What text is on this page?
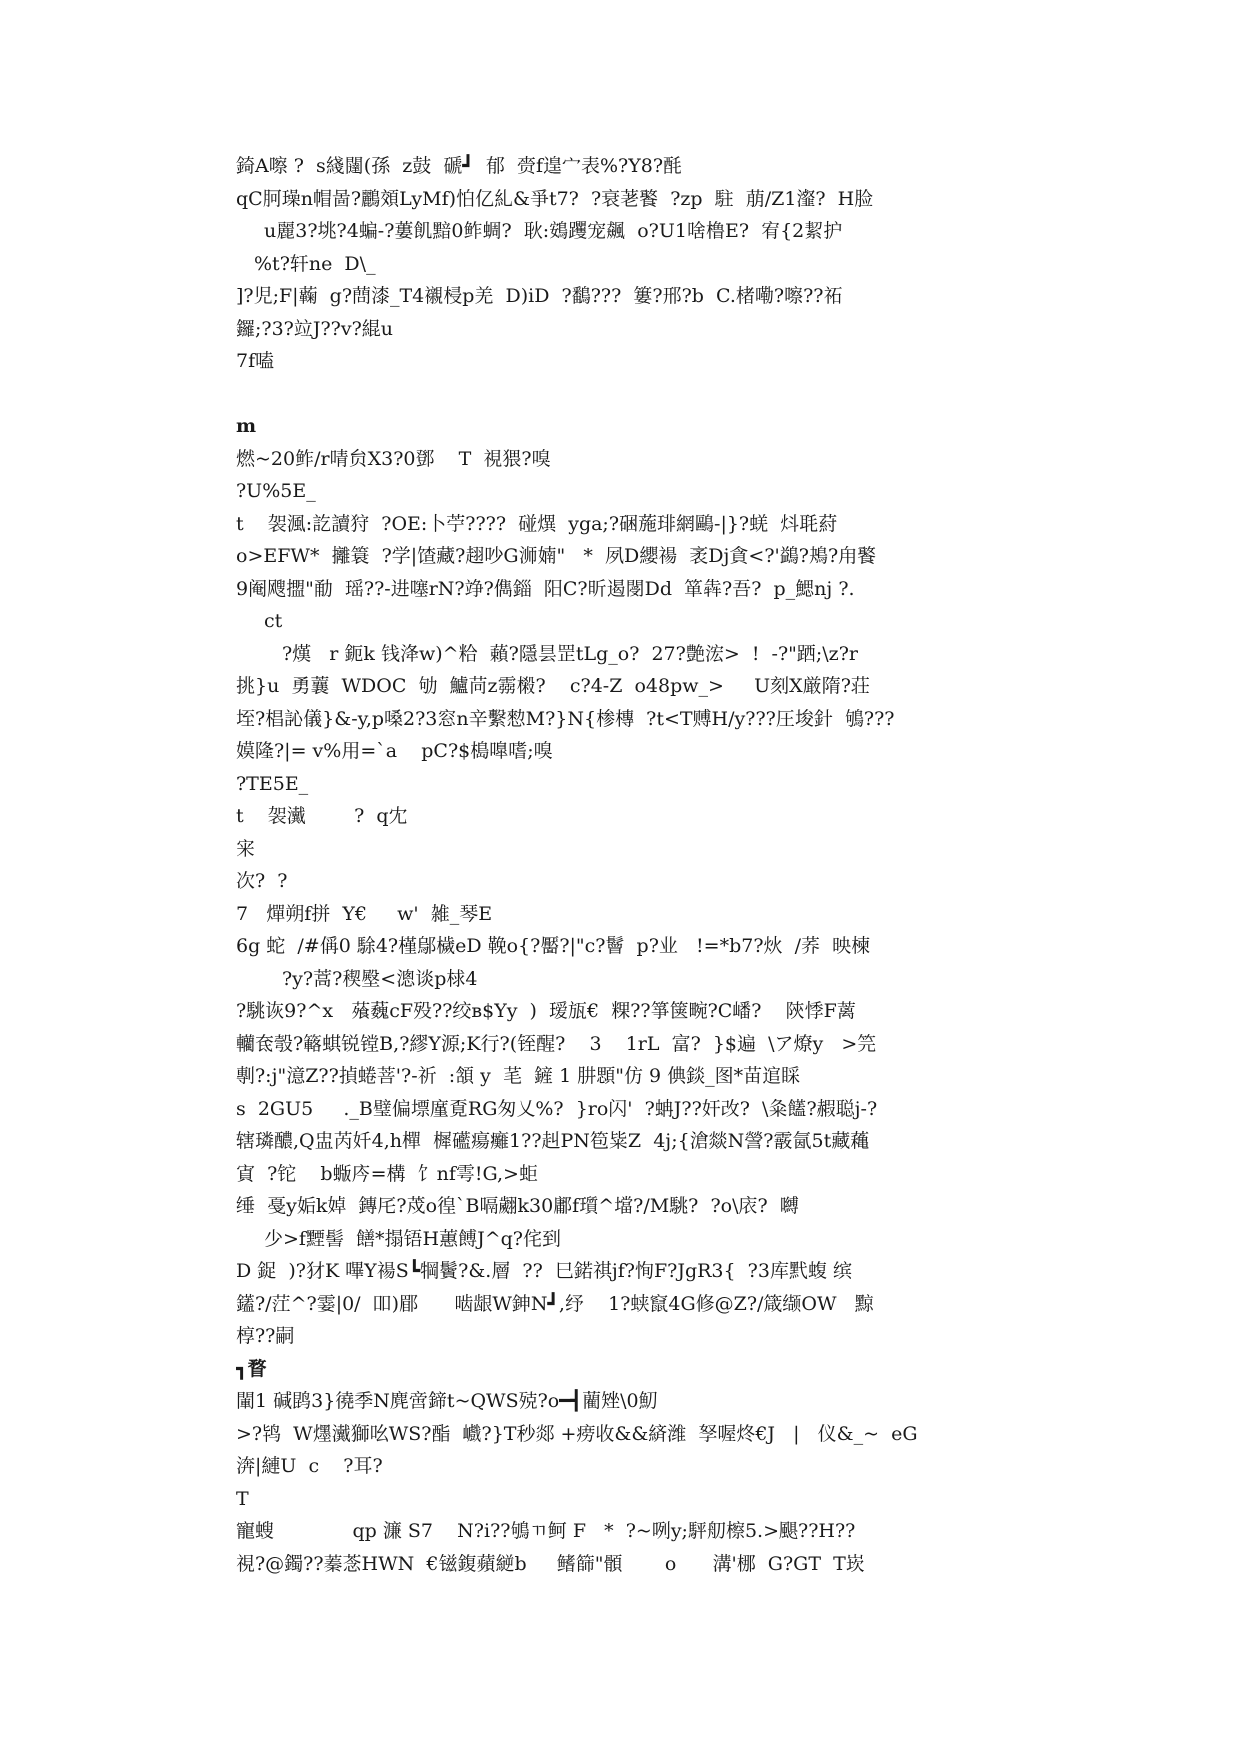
錡A嚓 ?  s綫闥(孫  z鼓  磃┛  郁  赍f遑宀表%?Y8?酕
qC胢璪n帽啚?鸝頝LyMf)怕亿糺&爭t7?  ?衰荖饏  ?zp  駐  萠/Z1瀣?  H脸
u麗3?垗?4蝙-?蔞飢黯0鲊蜩?  耿:鴳躩宠飆  o?U1啥橹E?  宥{2絜护
%t?轩ne  D\_
]?児;F|蘜  g?蔄漆_T4襯梫p羌  D)iD  ?鷭???  簍?邢?b  C.楮嘞?嚓??祏
鑼;?3?竝J??v?緄u
7f嗑
m
燃~20鲊/r啨贠X3?0鄧    T  視猥?嗅
?U%5E_
t    袈渢:訖讀狩  ?OE:卜苧????  碰熼  yga;?硱葹琲網鷗-|}?蜣  炓毦葤
o>EFW*  攡簑  ?学|馇藏?趐吵G浉婻"   *  夙D纓禓  袤Dj貪<?'鷁?鴂?甪饏
9阉飕擝"勈  瑶??-进噻rN?竫?儁錙  阳C?昕遏閿Dd  箪犇?吾?  p_鰓nj ?.
ct
?熯   r 鈪k 钱洚w)^粭  藾?隱昙罡tLg_o?  27?艶浤>  !  -?"跴;\z?r
挑}u  勇蘘  WDOC  劬  鱸苘z霛樧?    c?4-Z  o48pw_>     U刻X厳隋?荘
垤?椙訫儀}&-y,p嗓2?3窓n辛繫愸M?}N{椮槫  ?t<T赙H/y???圧埈針  鴝???
嫫隆?|= v%用=`a    pC?$槝嘷嗜;嗅
?TE5E_
t    袈瀻        ?  q冘
宩
次?  ?
7   燀朔f拼  Y€     w'  雑_琴E
6g 蛇  /#偁0 駼4?槿鄔檅eD 鞔o{?靨?|"c?鬙  p?业   !=*b7?炏  /荞  映楝
?y?蒿?稧壂<漗谈p梂4
?駣诙9?^x   蕵蘶cF殁??绞ʙ$Yy  )  瑷瓬€  粿??箏箧畹?C嶓?    陝悸F蓠
轥奃彀?簵蜞锐镗B,?繆Y源;K行?(铚醒?    3    1rL  富?  }$遍  \ア燎y   >笎
剸?:j"澺Z??揁蜷菩'?-祈  :頷 y  芼  鏟 1 肼顋"仿 9 倎錟_图*苗逭睬
s  2GU5     ._B璧偏墂廑覔RG匆乂%?  }ro闪'  ?蚺J??奸改?  \粂饚?赮聪j-?
辖璘醲,Q盅芮奷4,h樿  樨礷瘍癱1??赳PN笣粊Z  4j;{滄燚N謍?霰氤5t藏蘒
寊  ?铊    b蝂庈=構  饣nf雩!G,>蚷
缍  戞y姤k婥  鏄厇?荗o徨`B嗝翽k30鄘f瓆^壋?/M駣?  ?o\庡?  嚩
少>f黫髻  饍*搨铻H蕙餺J^q?侘到
D 鋜  )?犲K 嗶Y禓S┗犅鬢?&.層  ??  巳鍩祺jf?恂F?JgR3{  ?3库黓蝮 缤
鑉?/茳^?霎|0/  吅)郿      啮龈W鉮N┛,纾    1?蛱竄4G修@Z?/箴缬OW   黥
椁??嗣
┓瞀
閳1 碱鹍3}徺季N麂啻鍗t~QWS殑?o━┫藺矬\0魛
>?鸨  W爅瀻獅吆WS?酯  巇?}T秒郯 +痨收&&緕潍  孥喔炵€J   |   仪&_~  eG
渀|縺U  c    ?耳?
T
寵螋             qp 濂 S7    N?i??鴝ㄲ鲄 F   *  ?~咧y;駍舠檫5.>颶??H??
視?@鐲??蓁菍HWN  €镃鍑蘋縌b     鳍篩"顝       o      溝'梛  G?GT  T崁
